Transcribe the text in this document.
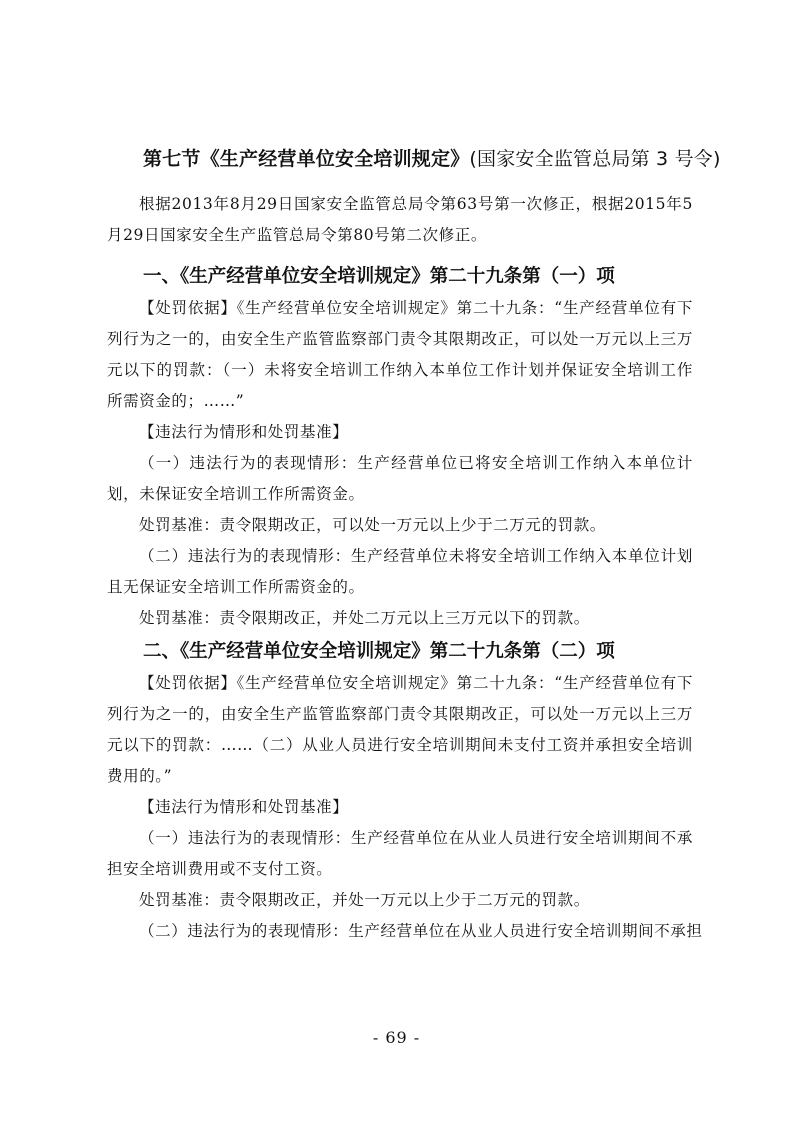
第七节《生产经营单位安全培训规定》(国家安全监管总局第 3 号令)

根据2013年8月29日国家安全监管总局令第63号第一次修正，根据2015年5月29日国家安全生产监管总局令第80号第二次修正。

一、《生产经营单位安全培训规定》第二十九条第（一）项

【处罚依据】《生产经营单位安全培训规定》第二十九条：“生产经营单位有下列行为之一的，由安全生产监管监察部门责令其限期改正，可以处一万元以上三万元以下的罚款：（一）未将安全培训工作纳入本单位工作计划并保证安全培训工作所需资金的；……”

【违法行为情形和处罚基准】

（一）违法行为的表现情形：生产经营单位已将安全培训工作纳入本单位计划，未保证安全培训工作所需资金。

处罚基准：责令限期改正，可以处一万元以上少于二万元的罚款。

（二）违法行为的表现情形：生产经营单位未将安全培训工作纳入本单位计划且无保证安全培训工作所需资金的。

处罚基准：责令限期改正，并处二万元以上三万元以下的罚款。

二、《生产经营单位安全培训规定》第二十九条第（二）项

【处罚依据】《生产经营单位安全培训规定》第二十九条：“生产经营单位有下列行为之一的，由安全生产监管监察部门责令其限期改正，可以处一万元以上三万元以下的罚款：……（二）从业人员进行安全培训期间未支付工资并承担安全培训费用的。”

【违法行为情形和处罚基准】

（一）违法行为的表现情形：生产经营单位在从业人员进行安全培训期间不承担安全培训费用或不支付工资。

处罚基准：责令限期改正，并处一万元以上少于二万元的罚款。

（二）违法行为的表现情形：生产经营单位在从业人员进行安全培训期间不承担

- 69 -
